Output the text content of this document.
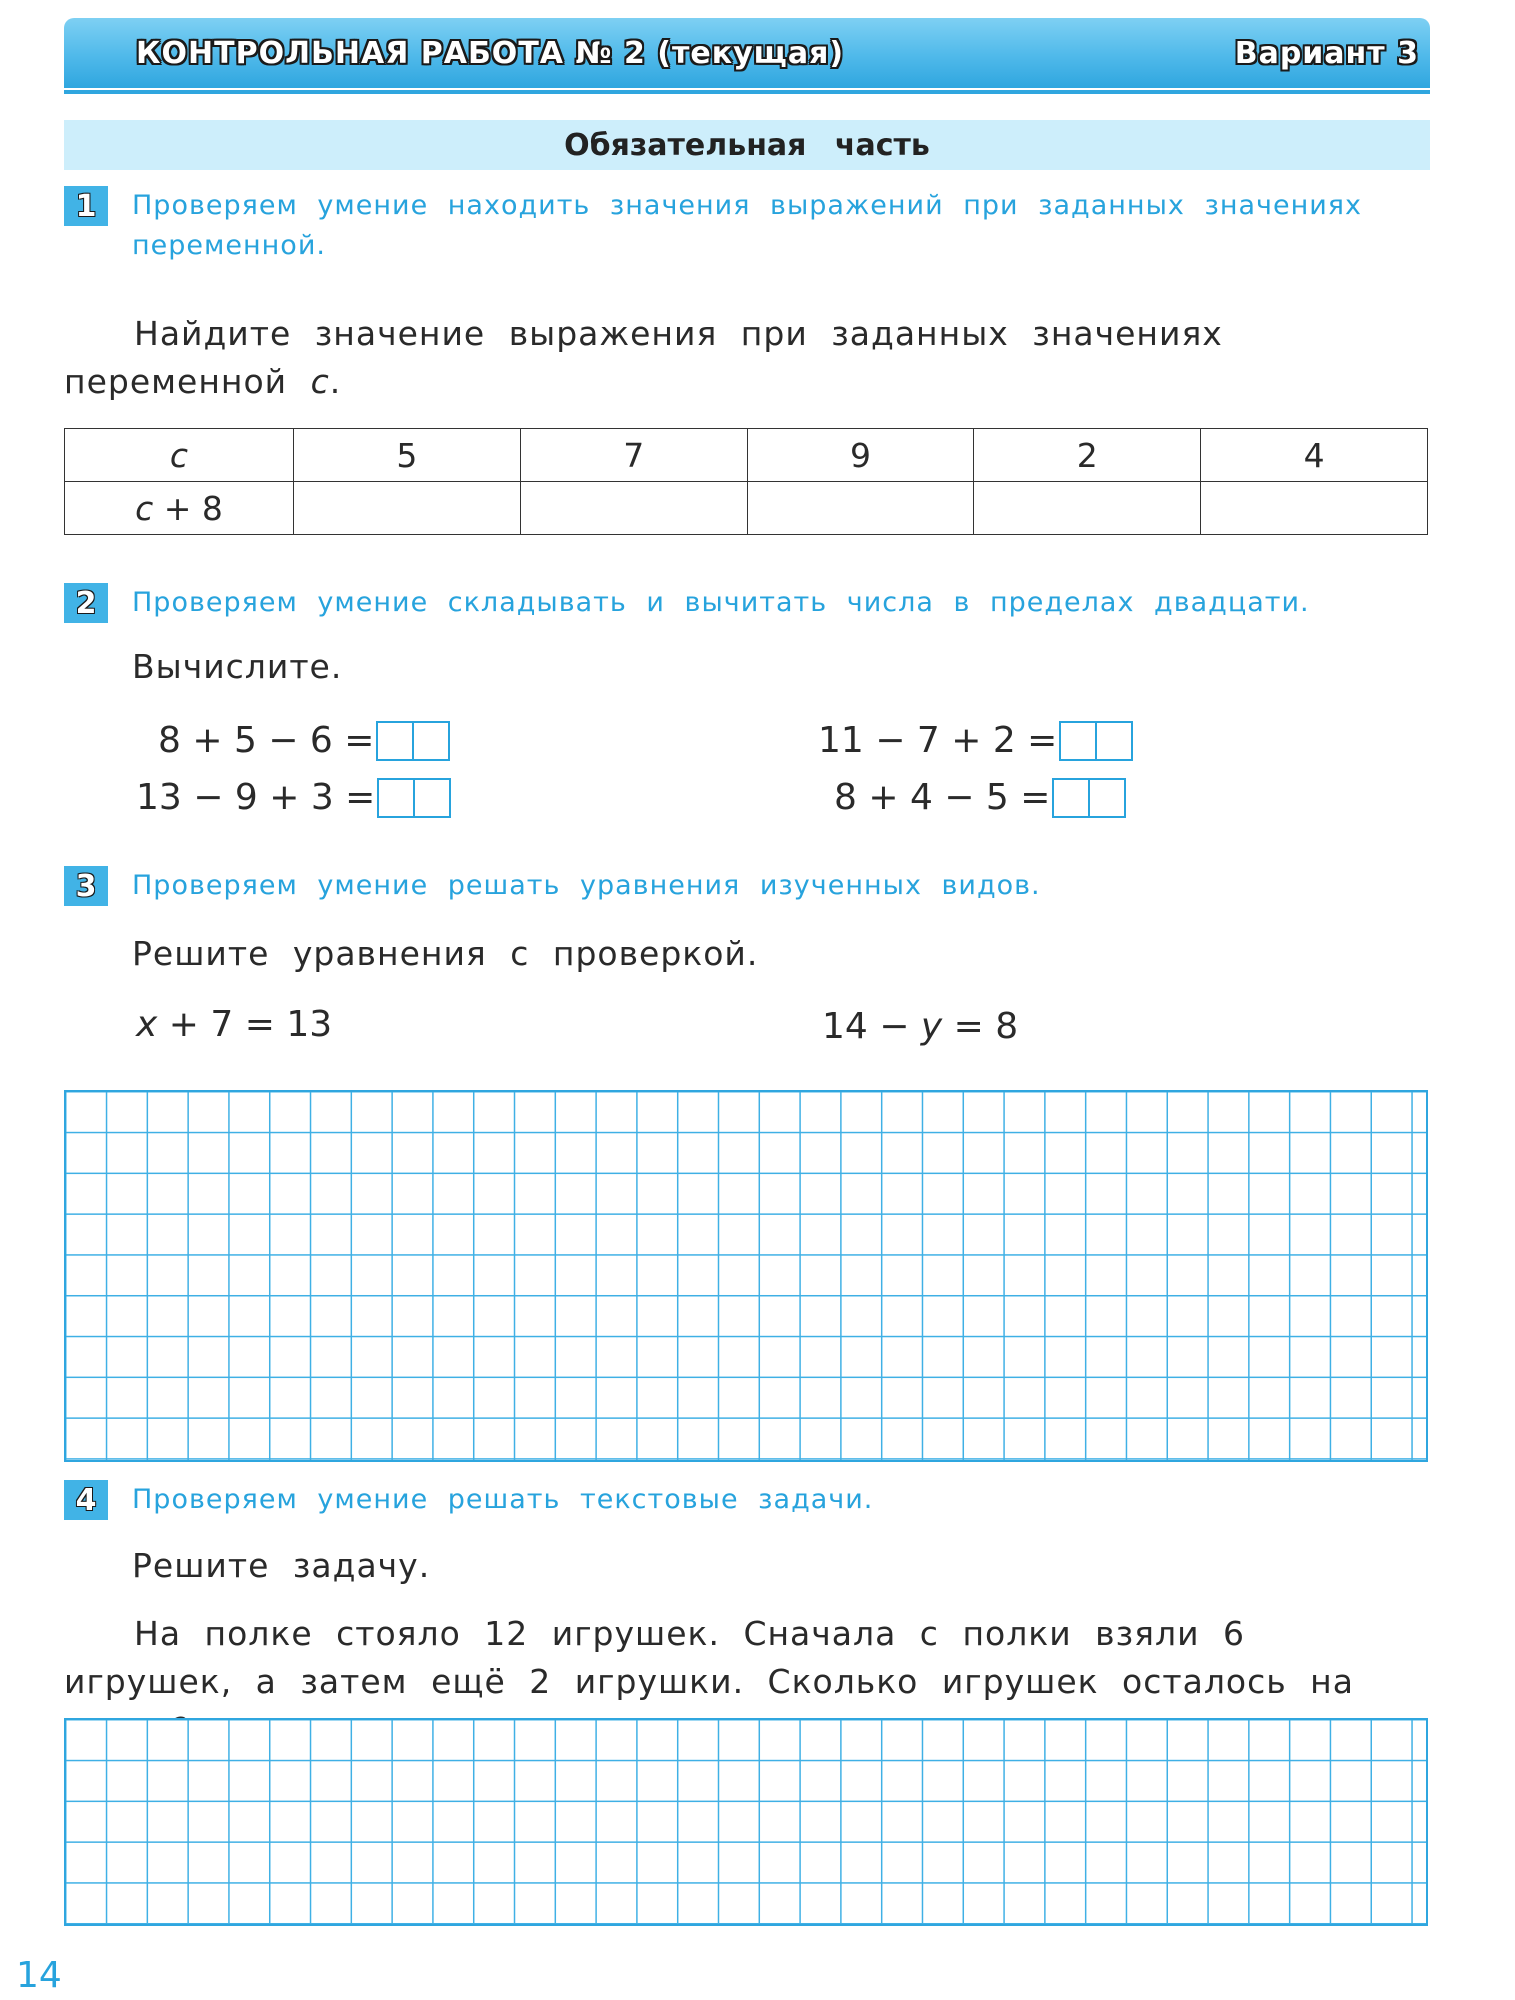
КОНТРОЛЬНАЯ РАБОТА № 2 (текущая)	Вариант 3
Обязательная часть
1	Проверяем умение находить значения выражений при заданных значениях переменной.
Найдите значение выражения при заданных значениях переменной c.
c	5	7	9	2	4
c + 8					
2	Проверяем умение складывать и вычитать числа в пределах двадцати.
Вычислите.
8 + 5 − 6 =
13 − 9 + 3 =
11 − 7 + 2 =
8 + 4 − 5 =
3	Проверяем умение решать уравнения изученных видов.
Решите уравнения с проверкой.
x + 7 = 13	14 − y = 8
4	Проверяем умение решать текстовые задачи.
Решите задачу.
На полке стояло 12 игрушек. Сначала с полки взяли 6 игрушек, а затем ещё 2 игрушки. Сколько игрушек осталось на
14
